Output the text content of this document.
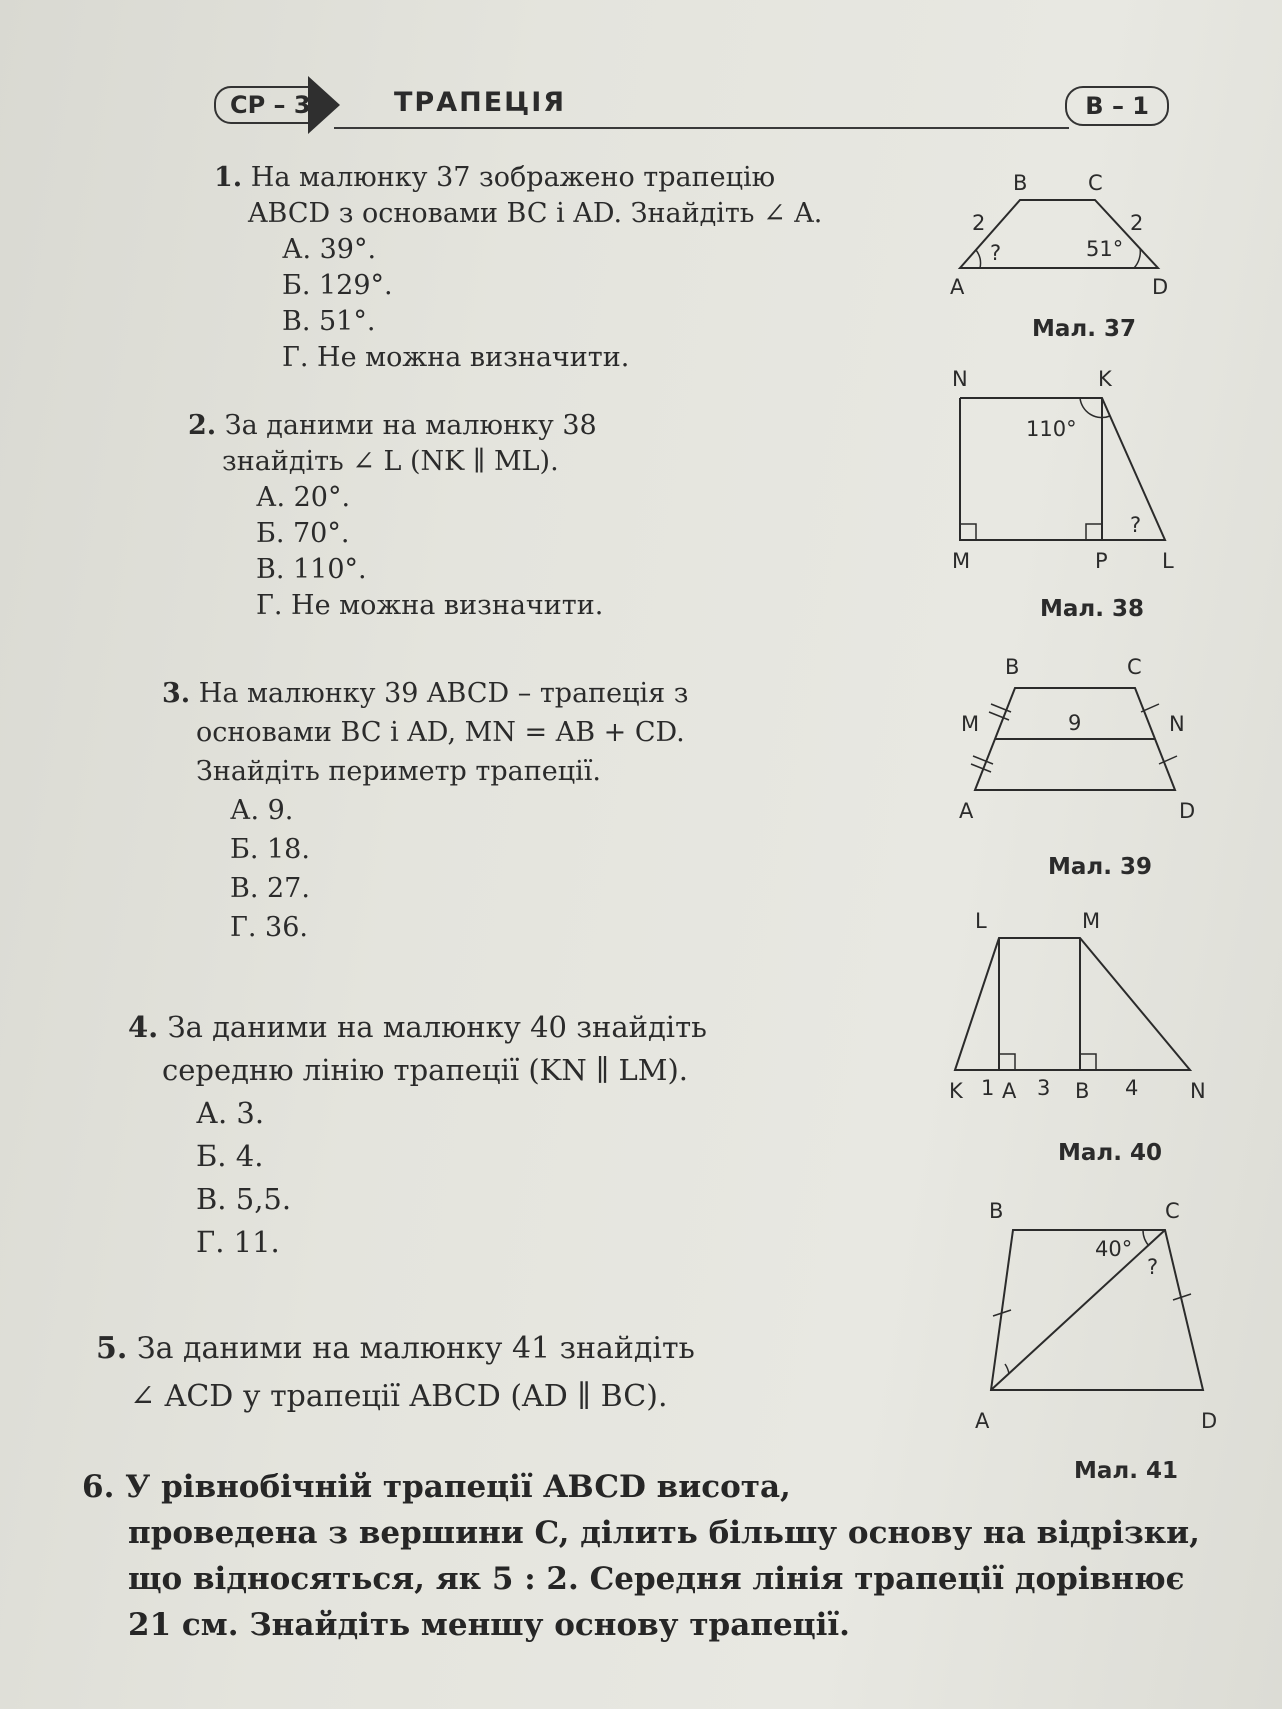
СР – 3	ТРАПЕЦІЯ	В – 1
1. На малюнку 37 зображено трапецію
ABCD з основами BC і AD. Знайдіть ∠ A.
А. 39°.
Б. 129°.
В. 51°.
Г. Не можна визначити.
2. За даними на малюнку 38
знайдіть ∠ L (NK ∥ ML).
А. 20°.
Б. 70°.
В. 110°.
Г. Не можна визначити.
3. На малюнку 39 ABCD – трапеція з
основами BC і AD, MN = AB + CD.
Знайдіть периметр трапеції.
А. 9.
Б. 18.
В. 27.
Г. 36.
4. За даними на малюнку 40 знайдіть
середню лінію трапеції (KN ∥ LM).
А. 3.
Б. 4.
В. 5,5.
Г. 11.
5. За даними на малюнку 41 знайдіть
∠ ACD у трапеції ABCD (AD ∥ BC).
6. У рівнобічній трапеції ABCD висота,
проведена з вершини C, ділить більшу основу на відрізки,
що відносяться, як 5 : 2. Середня лінія трапеції дорівнює
21 см. Знайдіть меншу основу трапеції.
B	C
A	D
2	2
51°
?
Мал. 37
N	K
M	P	L
110°
?
Мал. 38
B	C
A	D
M	N
9
Мал. 39
L	M
K A	B	N
1 3	4
Мал. 40
B	C
A	D
40°
?
Мал. 41
